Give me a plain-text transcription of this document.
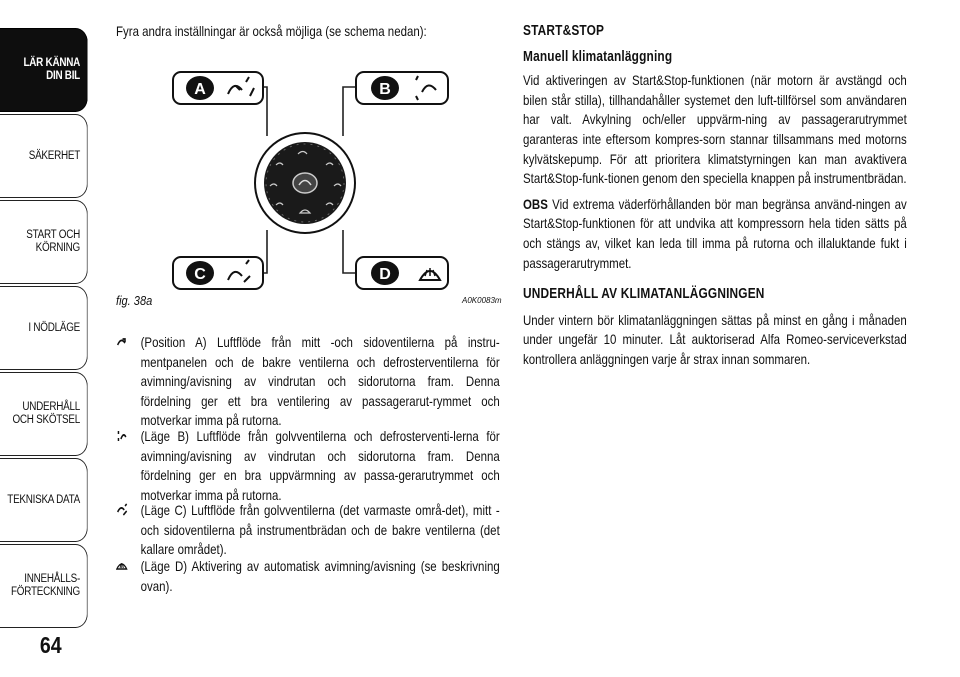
LÄR KÄNNA
DIN BIL
SÄKERHET
START OCH
KÖRNING
I NÖDLÄGE
UNDERHÅLL
OCH SKÖTSEL
TEKNISKA DATA
INNEHÅLLS-
FÖRTECKNING
64

Fyra andra inställningar är också möjliga (se schema nedan):

A	B
C	D
fig. 38a	A0K0083m
(Position A) Luftflöde från mitt -och sidoventilerna på instru-mentpanelen och de bakre ventilerna och defrosterventilerna för avimning/avisning av vindrutan och sidorutorna fram. Denna fördelning ger ett bra ventilering av passagerarut-rymmet och motverkar imma på rutorna.
(Läge B) Luftflöde från golvventilerna och defrosterventi-lerna för avimning/avisning av vindrutan och sidorutorna fram. Denna fördelning ger en bra uppvärmning av passa-gerarutrymmet och motverkar imma på rutorna.
(Läge C) Luftflöde från golvventilerna (det varmaste områ-det), mitt -och sidoventilerna på instrumentbrädan och de bakre ventilerna (det kallare området).
(Läge D) Aktivering av automatisk avimning/avisning (se beskrivning ovan).
START&STOP
Manuell klimatanläggning

Vid aktiveringen av Start&Stop-funktionen (när motorn är avstängd och bilen står stilla), tillhandahåller systemet den luft-tillförsel som användaren har valt. Avkylning och/eller uppvärm-ning av passagerarutrymmet garanteras inte eftersom kompres-sorn stannar tillsammans med motorns kylvätskepump. För att prioritera klimatstyrningen kan man avaktivera Start&Stop-funk-tionen genom den speciella knappen på instrumentbrädan.

OBS Vid extrema väderförhållanden bör man begränsa använd-ningen av Start&Stop-funktionen för att undvika att kompressorn hela tiden sätts på och stängs av, vilket kan leda till imma på rutorna och illaluktande fukt i passagerarutrymmet.

UNDERHÅLL AV KLIMATANLÄGGNINGEN

Under vintern bör klimatanläggningen sättas på minst en gång i månaden under ungefär 10 minuter. Låt auktoriserad Alfa Romeo-serviceverkstad kontrollera anläggningen varje år strax innan sommaren.
